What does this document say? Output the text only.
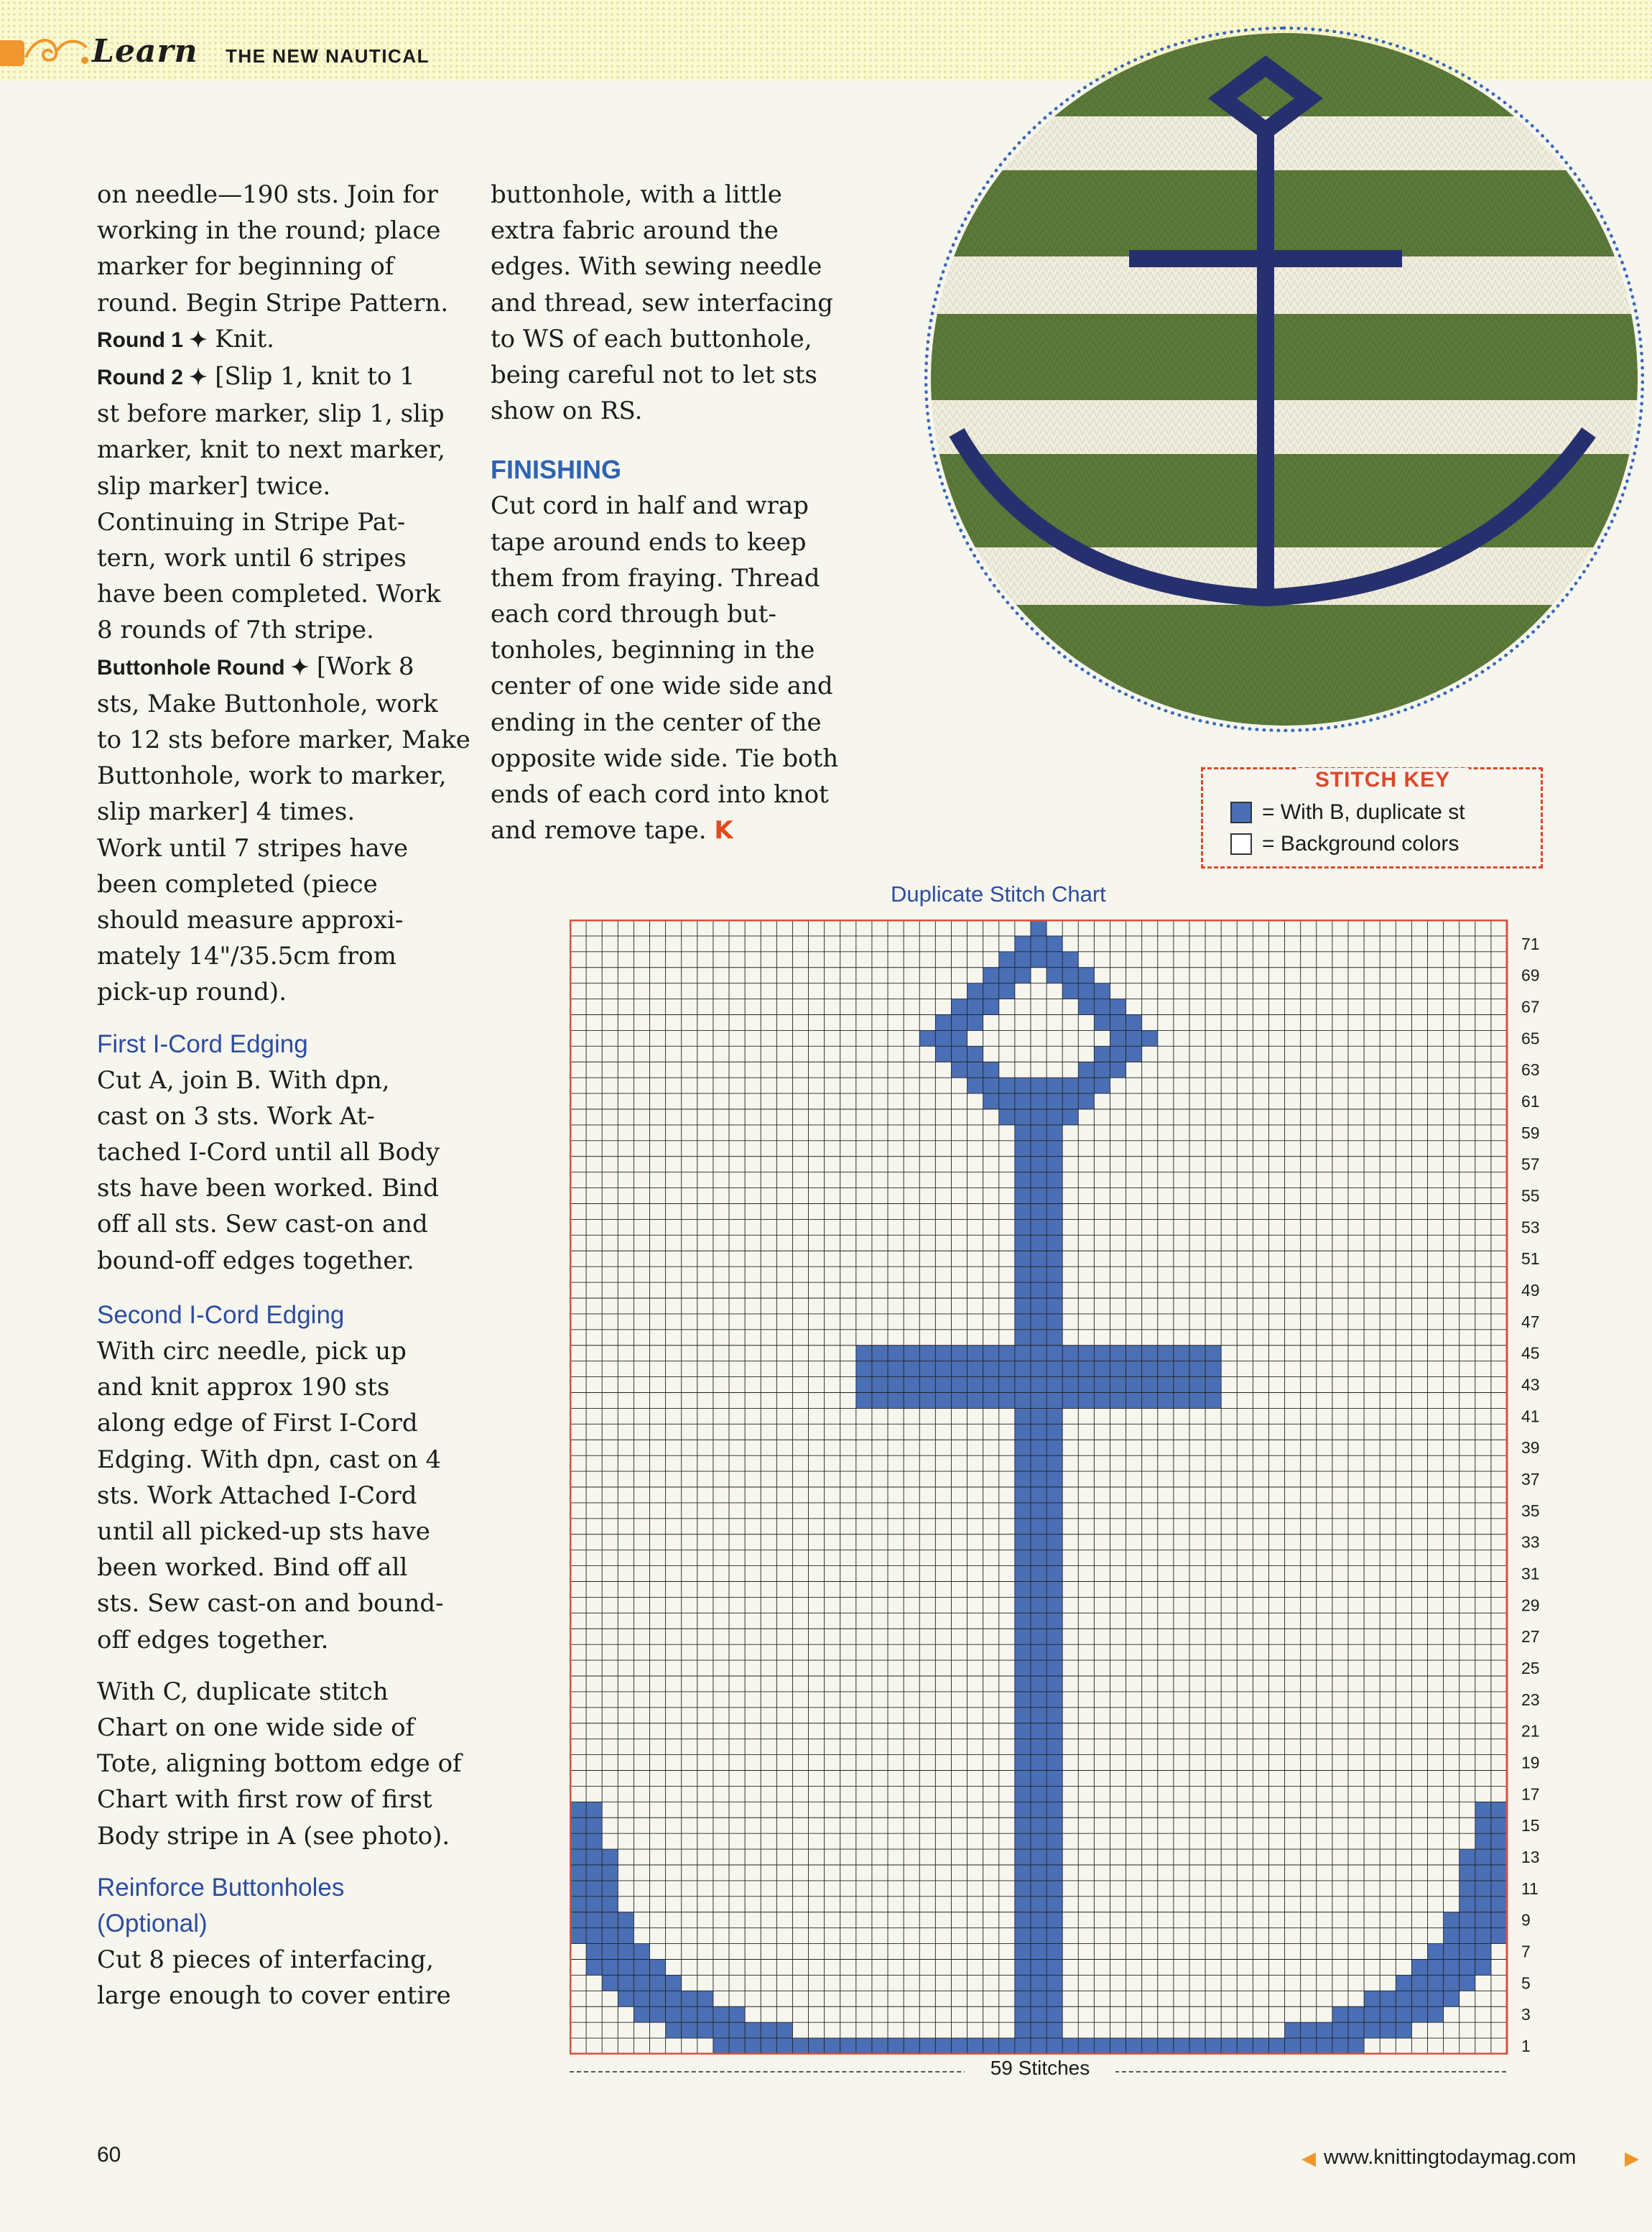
Learn THE NEW NAUTICAL

on needle—190 sts. Join for
working in the round; place
marker for beginning of
round. Begin Stripe Pattern.

Round 1 ✦ Knit.

Round 2 ✦ [Slip 1, knit to 1
st before marker, slip 1, slip
marker, knit to next marker,
slip marker] twice.

Continuing in Stripe Pat-
tern, work until 6 stripes
have been completed. Work
8 rounds of 7th stripe.

Buttonhole Round ✦ [Work 8
sts, Make Buttonhole, work
to 12 sts before marker, Make
Buttonhole, work to marker,
slip marker] 4 times.

Work until 7 stripes have
been completed (piece
should measure approxi-
mately 14"/35.5cm from
pick-up round).

First I-Cord Edging

Cut A, join B. With dpn,
cast on 3 sts. Work At-
tached I-Cord until all Body
sts have been worked. Bind
off all sts. Sew cast-on and
bound-off edges together.

Second I-Cord Edging

With circ needle, pick up
and knit approx 190 sts
along edge of First I-Cord
Edging. With dpn, cast on 4
sts. Work Attached I-Cord
until all picked-up sts have
been worked. Bind off all
sts. Sew cast-on and bound-
off edges together.

With C, duplicate stitch
Chart on one wide side of
Tote, aligning bottom edge of
Chart with first row of first
Body stripe in A (see photo).

Reinforce Buttonholes
(Optional)

Cut 8 pieces of interfacing,
large enough to cover entire

buttonhole, with a little
extra fabric around the
edges. With sewing needle
and thread, sew interfacing
to WS of each buttonhole,
being careful not to let sts
show on RS.

FINISHING

Cut cord in half and wrap
tape around ends to keep
them from fraying. Thread
each cord through but-
tonholes, beginning in the
center of one wide side and
ending in the center of the
opposite wide side. Tie both
ends of each cord into knot
and remove tape. K

STITCH KEY
= With B, duplicate st
= Background colors
Duplicate Stitch Chart
71
69
67
65
63
61
59
57
55
53
51
49
47
45
43
41
39
37
35
33
31
29
27
25
23
21
19
17
15
13
11
9
7
5
3
1
59 Stitches
60	◀ www.knittingtodaymag.com	▶
